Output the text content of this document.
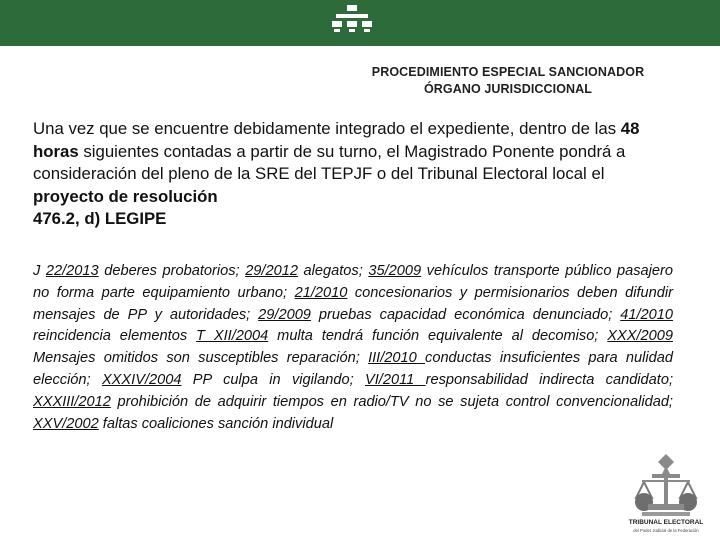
PROCEDIMIENTO ESPECIAL SANCIONADOR
ÓRGANO JURISDICCIONAL
Una vez que se encuentre debidamente integrado el expediente, dentro de las 48 horas siguientes contadas a partir de su turno, el Magistrado Ponente pondrá a consideración del pleno de la SRE del TEPJF o del Tribunal Electoral local el proyecto de resolución
476.2, d) LEGIPE
J 22/2013 deberes probatorios; 29/2012 alegatos; 35/2009 vehículos transporte público pasajero no forma parte equipamiento urbano; 21/2010 concesionarios y permisionarios deben difundir mensajes de PP y autoridades; 29/2009 pruebas capacidad económica denunciado; 41/2010 reincidencia elementos T XII/2004 multa tendrá función equivalente al decomiso; XXX/2009 Mensajes omitidos son susceptibles reparación; III/2010 conductas insuficientes para nulidad elección; XXXIV/2004 PP culpa in vigilando; VI/2011 responsabilidad indirecta candidato; XXXIII/2012 prohibición de adquirir tiempos en radio/TV no se sujeta control convencionalidad; XXV/2002 faltas coaliciones sanción individual
TRIBUNAL ELECTORAL
del Poder Judicial de la Federación
